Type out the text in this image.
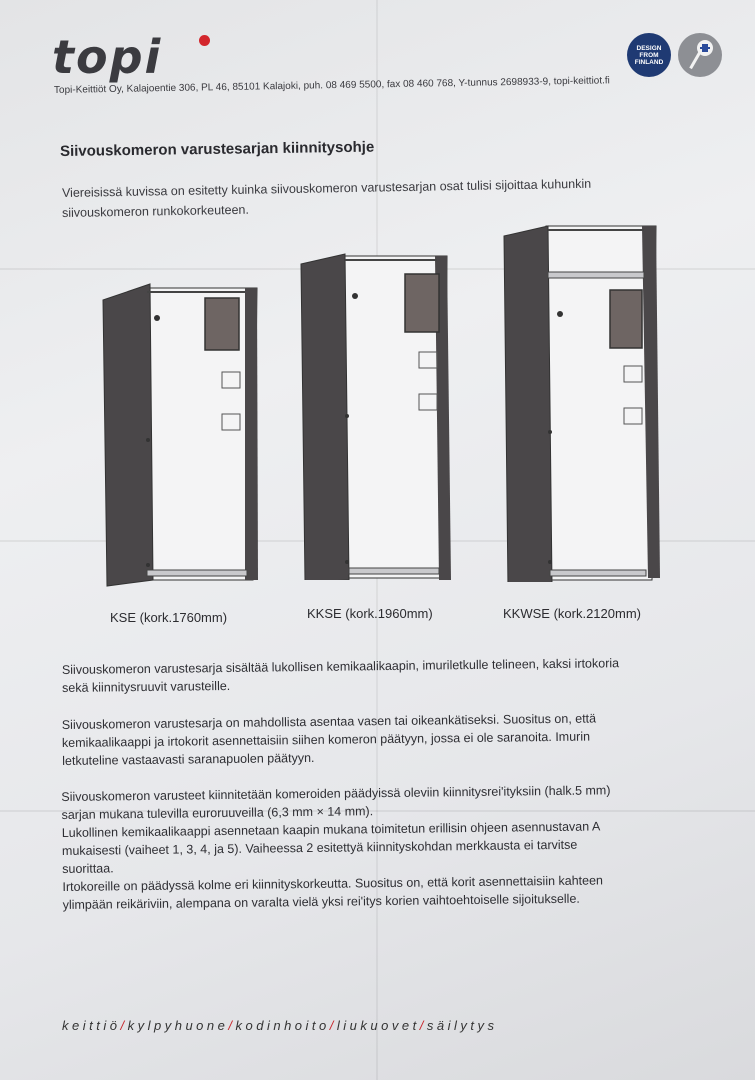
topi	DESIGN FROM FINLAND
Topi-Keittiöt Oy, Kalajoentie 306, PL 46, 85101 Kalajoki, puh. 08 469 5500, fax 08 460 768, Y-tunnus 2698933-9, topi-keittiot.fi
Siivouskomeron varustesarjan kiinnitysohje
Viereisissä kuvissa on esitetty kuinka siivouskomeron varustesarjan osat tulisi sijoittaa kuhunkin
siivouskomeron runkokorkeuteen.
KSE (kork.1760mm)	KKSE (kork.1960mm)	KKWSE (kork.2120mm)

Siivouskomeron varustesarja sisältää lukollisen kemikaalikaapin, imuriletkulle telineen, kaksi irtokoria

sekä kiinnitysruuvit varusteille.

Siivouskomeron varustesarja on mahdollista asentaa vasen tai oikeankätiseksi. Suositus on, että

kemikaalikaappi ja irtokorit asennettaisiin siihen komeron päätyyn, jossa ei ole saranoita. Imurin

letkuteline vastaavasti saranapuolen päätyyn.

Siivouskomeron varusteet kiinnitetään komeroiden päädyissä oleviin kiinnitysrei'ityksiin (halk.5 mm)

sarjan mukana tulevilla euroruuveilla (6,3 mm × 14 mm).

Lukollinen kemikaalikaappi asennetaan kaapin mukana toimitetun erillisin ohjeen asennustavan A

mukaisesti (vaiheet 1, 3, 4, ja 5). Vaiheessa 2 esitettyä kiinnityskohdan merkkausta ei tarvitse

suorittaa.

Irtokoreille on päädyssä kolme eri kiinnityskorkeutta. Suositus on, että korit asennettaisiin kahteen

ylimpään reikäriviin, alempana on varalta vielä yksi rei'itys korien vaihtoehtoiselle sijoitukselle.

keittiö/kylpyhuone/kodinhoito/liukuovet/säilytys
